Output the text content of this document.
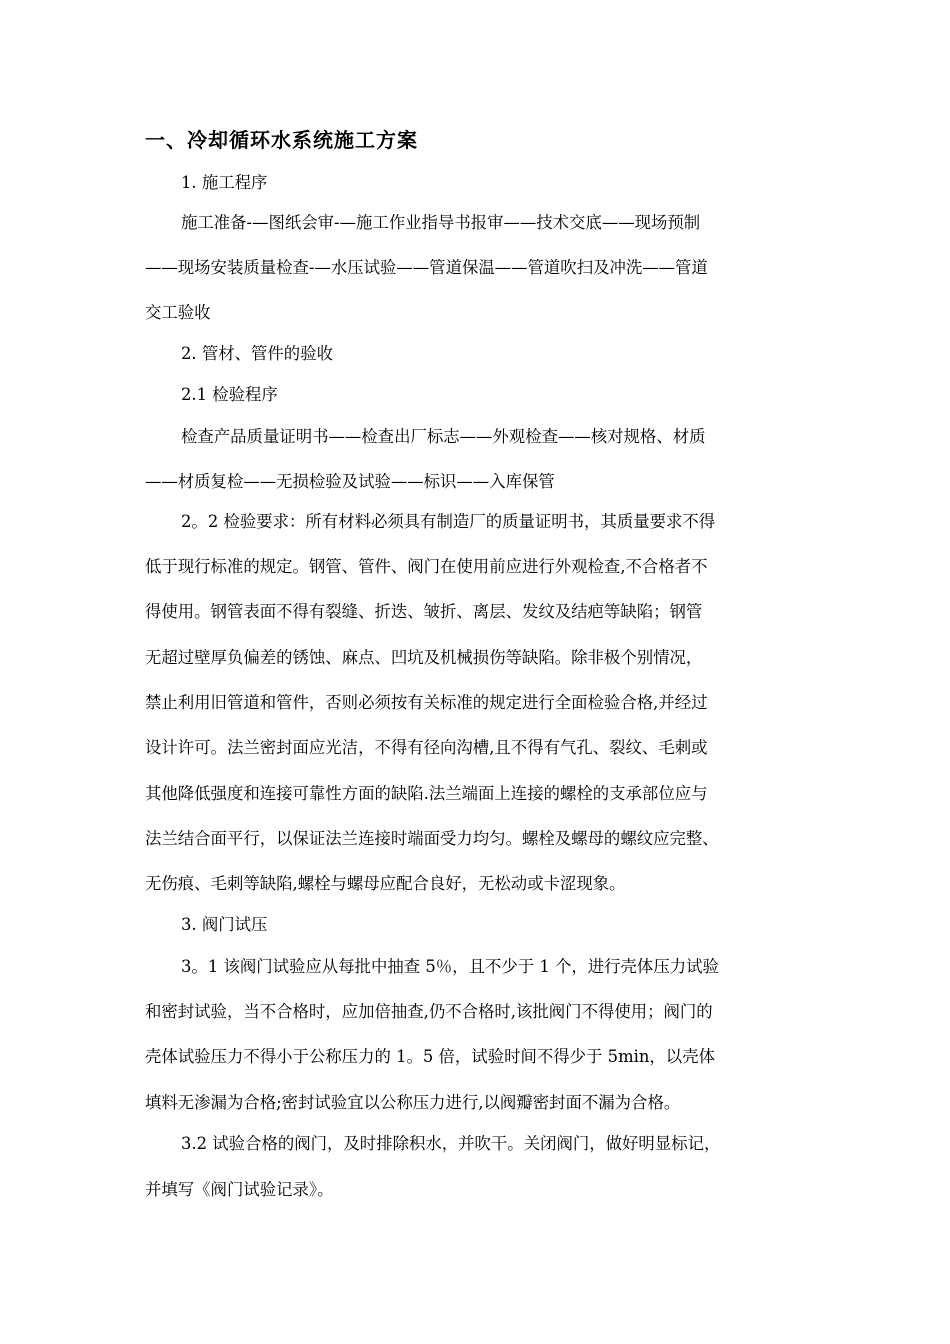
一、冷却循环水系统施工方案
1. 施工程序
施工准备-—图纸会审-—施工作业指导书报审——技术交底——现场预制
——现场安装质量检查-—水压试验——管道保温——管道吹扫及冲洗——管道
交工验收
2. 管材、管件的验收
2.1 检验程序
检查产品质量证明书——检查出厂标志——外观检查——核对规格、材质
——材质复检——无损检验及试验——标识——入库保管
2。2 检验要求：所有材料必须具有制造厂的质量证明书，其质量要求不得
低于现行标准的规定。钢管、管件、阀门在使用前应进行外观检查,不合格者不
得使用。钢管表面不得有裂缝、折迭、皱折、离层、发纹及结疤等缺陷；钢管
无超过壁厚负偏差的锈蚀、麻点、凹坑及机械损伤等缺陷。除非极个别情况，
禁止利用旧管道和管件，否则必须按有关标准的规定进行全面检验合格,并经过
设计许可。法兰密封面应光洁，不得有径向沟槽,且不得有气孔、裂纹、毛刺或
其他降低强度和连接可靠性方面的缺陷.法兰端面上连接的螺栓的支承部位应与
法兰结合面平行，以保证法兰连接时端面受力均匀。螺栓及螺母的螺纹应完整、
无伤痕、毛刺等缺陷,螺栓与螺母应配合良好，无松动或卡涩现象。
3. 阀门试压
3。1 该阀门试验应从每批中抽查 5％，且不少于 1 个，进行壳体压力试验
和密封试验，当不合格时，应加倍抽查,仍不合格时,该批阀门不得使用；阀门的
壳体试验压力不得小于公称压力的 1。5 倍，试验时间不得少于 5min，以壳体
填料无渗漏为合格;密封试验宜以公称压力进行,以阀瓣密封面不漏为合格。
3.2 试验合格的阀门，及时排除积水，并吹干。关闭阀门，做好明显标记，
并填写《阀门试验记录》。
